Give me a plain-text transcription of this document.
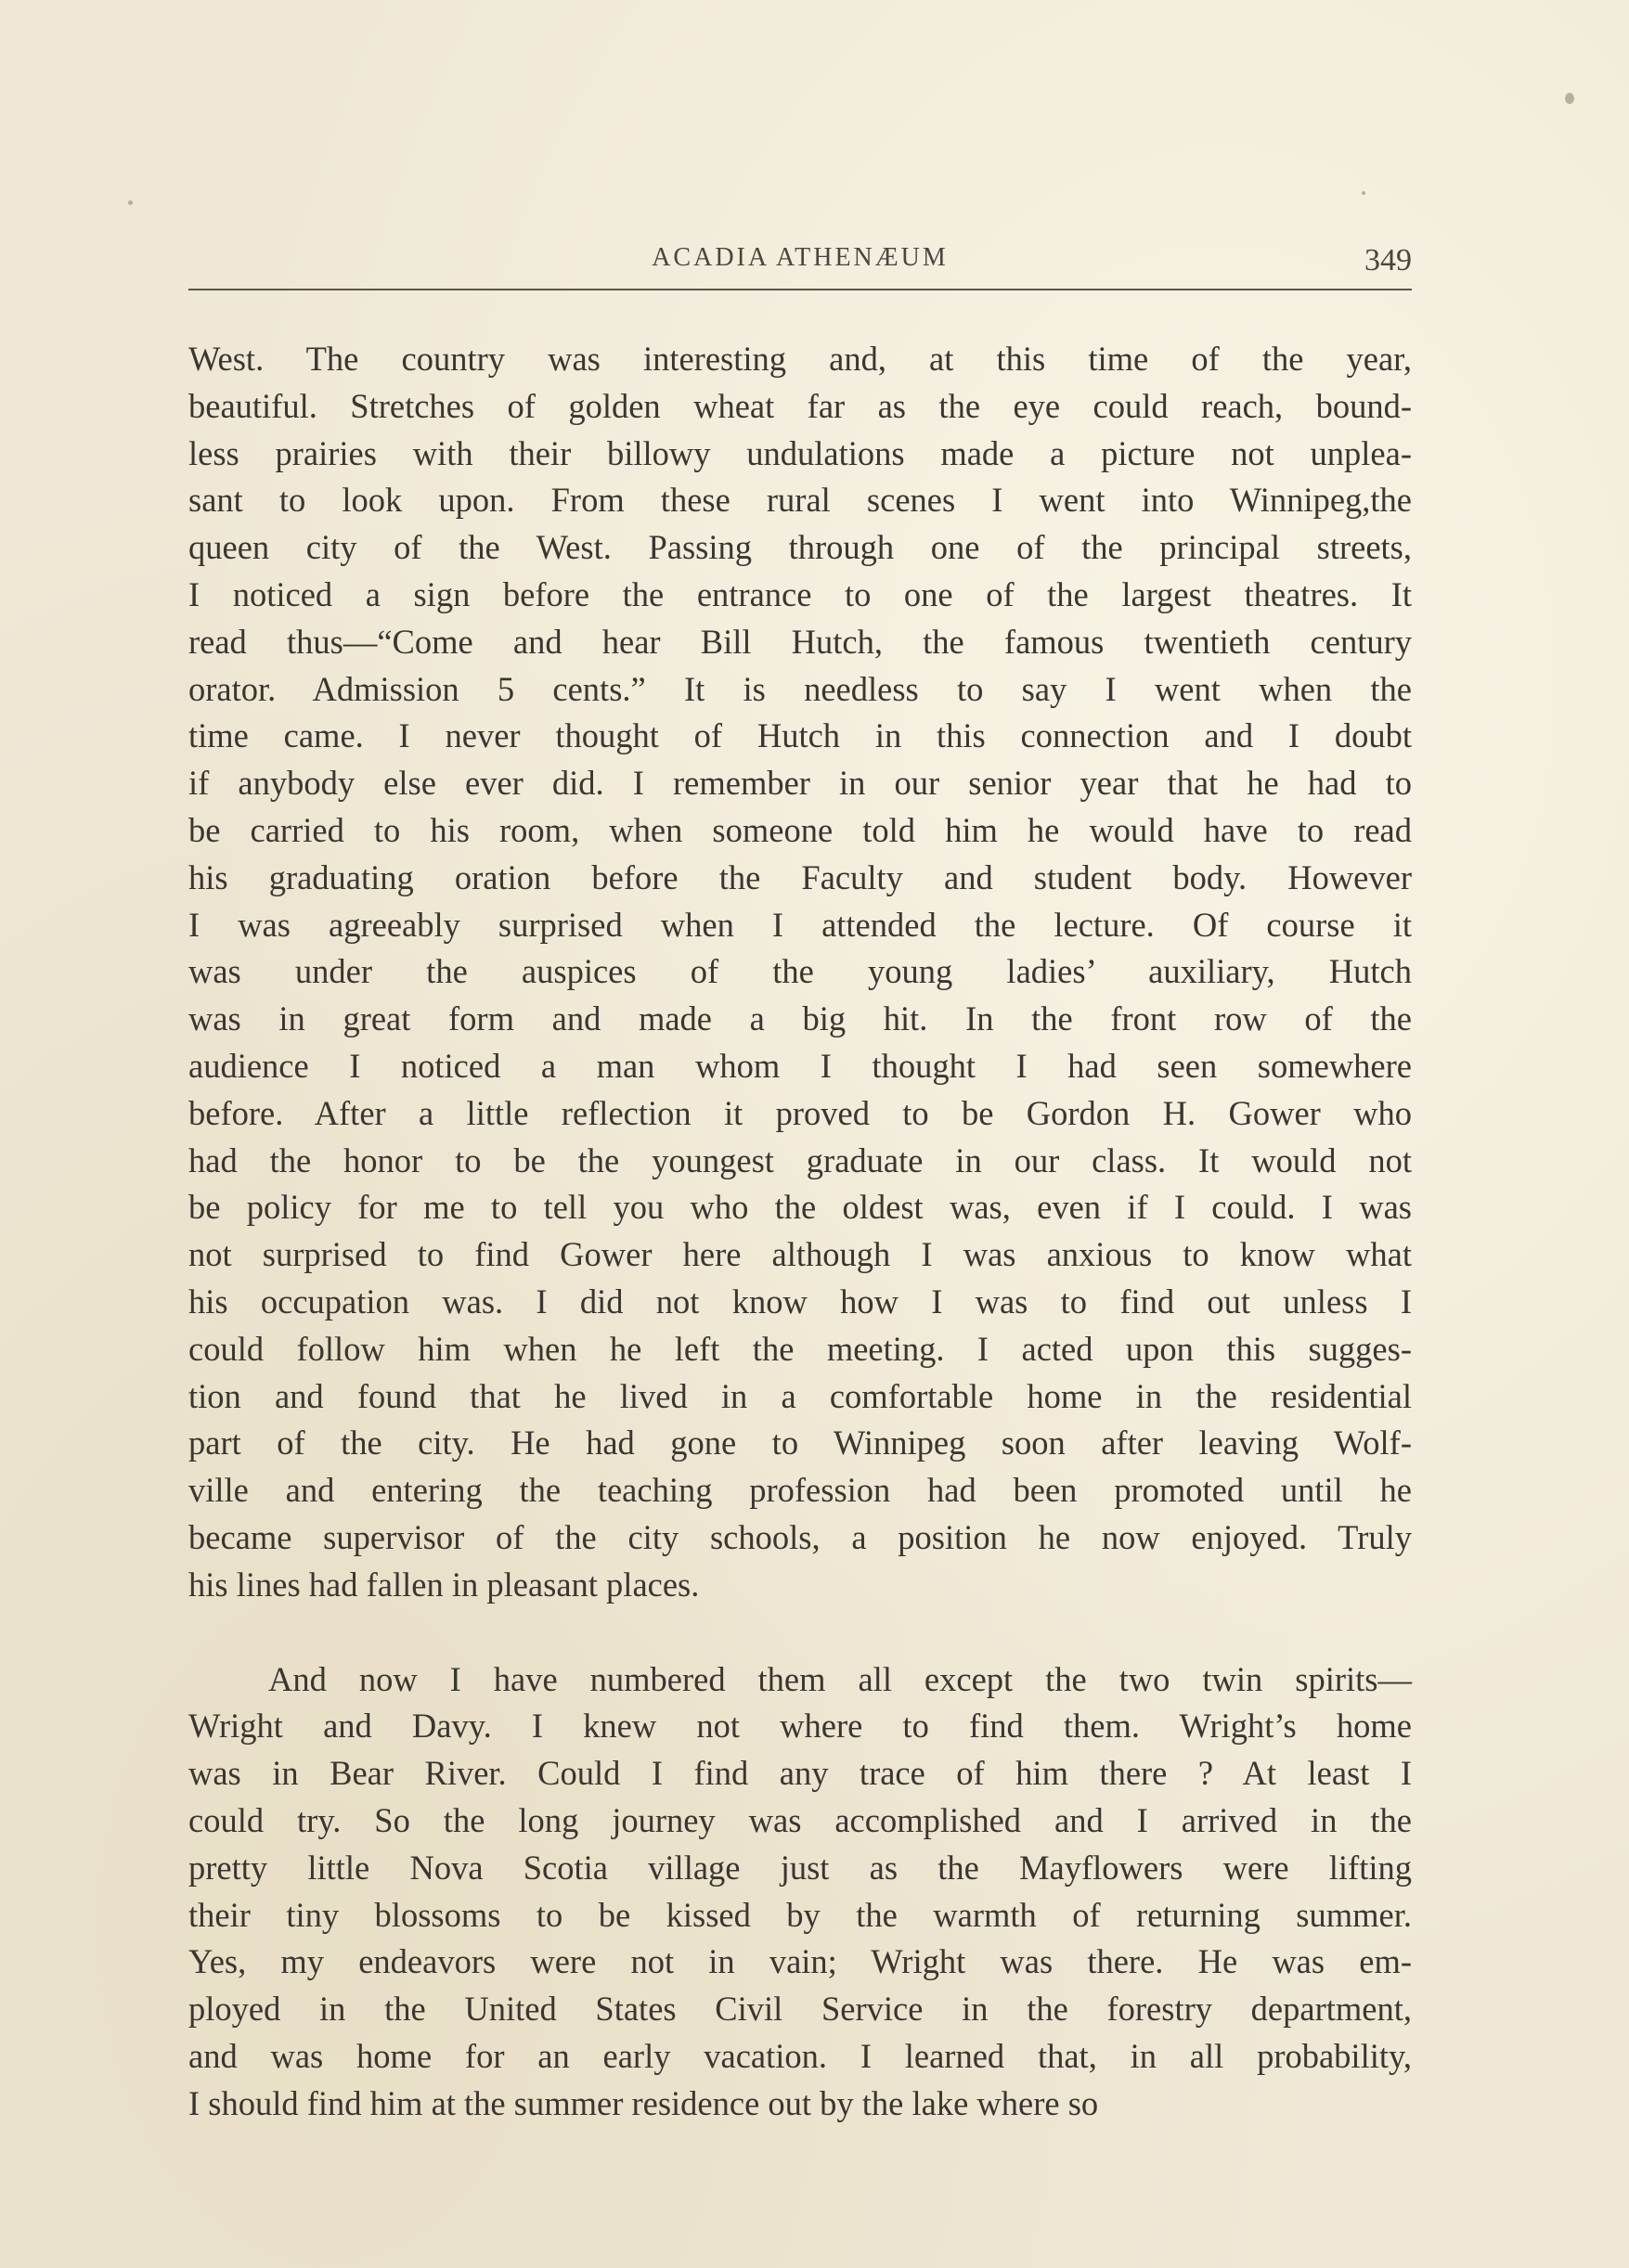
ACADIA ATHENÆUM	349
West. The country was interesting and, at this time of the year,
beautiful. Stretches of golden wheat far as the eye could reach, bound-
less prairies with their billowy undulations made a picture not unplea-
sant to look upon. From these rural scenes I went into Winnipeg,the
queen city of the West. Passing through one of the principal streets,
I noticed a sign before the entrance to one of the largest theatres. It
read thus—“Come and hear Bill Hutch, the famous twentieth century
orator. Admission 5 cents.” It is needless to say I went when the
time came. I never thought of Hutch in this connection and I doubt
if anybody else ever did. I remember in our senior year that he had to
be carried to his room, when someone told him he would have to read
his graduating oration before the Faculty and student body. However
I was agreeably surprised when I attended the lecture. Of course it
was under the auspices of the young ladies’ auxiliary, Hutch
was in great form and made a big hit. In the front row of the
audience I noticed a man whom I thought I had seen somewhere
before. After a little reflection it proved to be Gordon H. Gower who
had the honor to be the youngest graduate in our class. It would not
be policy for me to tell you who the oldest was, even if I could. I was
not surprised to find Gower here although I was anxious to know what
his occupation was. I did not know how I was to find out unless I
could follow him when he left the meeting. I acted upon this sugges-
tion and found that he lived in a comfortable home in the residential
part of the city. He had gone to Winnipeg soon after leaving Wolf-
ville and entering the teaching profession had been promoted until he
became supervisor of the city schools, a position he now enjoyed. Truly
his lines had fallen in pleasant places.
And now I have numbered them all except the two twin spirits—
Wright and Davy. I knew not where to find them. Wright’s home
was in Bear River. Could I find any trace of him there ? At least I
could try. So the long journey was accomplished and I arrived in the
pretty little Nova Scotia village just as the Mayflowers were lifting
their tiny blossoms to be kissed by the warmth of returning summer.
Yes, my endeavors were not in vain; Wright was there. He was em-
ployed in the United States Civil Service in the forestry department,
and was home for an early vacation. I learned that, in all probability,
I should find him at the summer residence out by the lake where so
